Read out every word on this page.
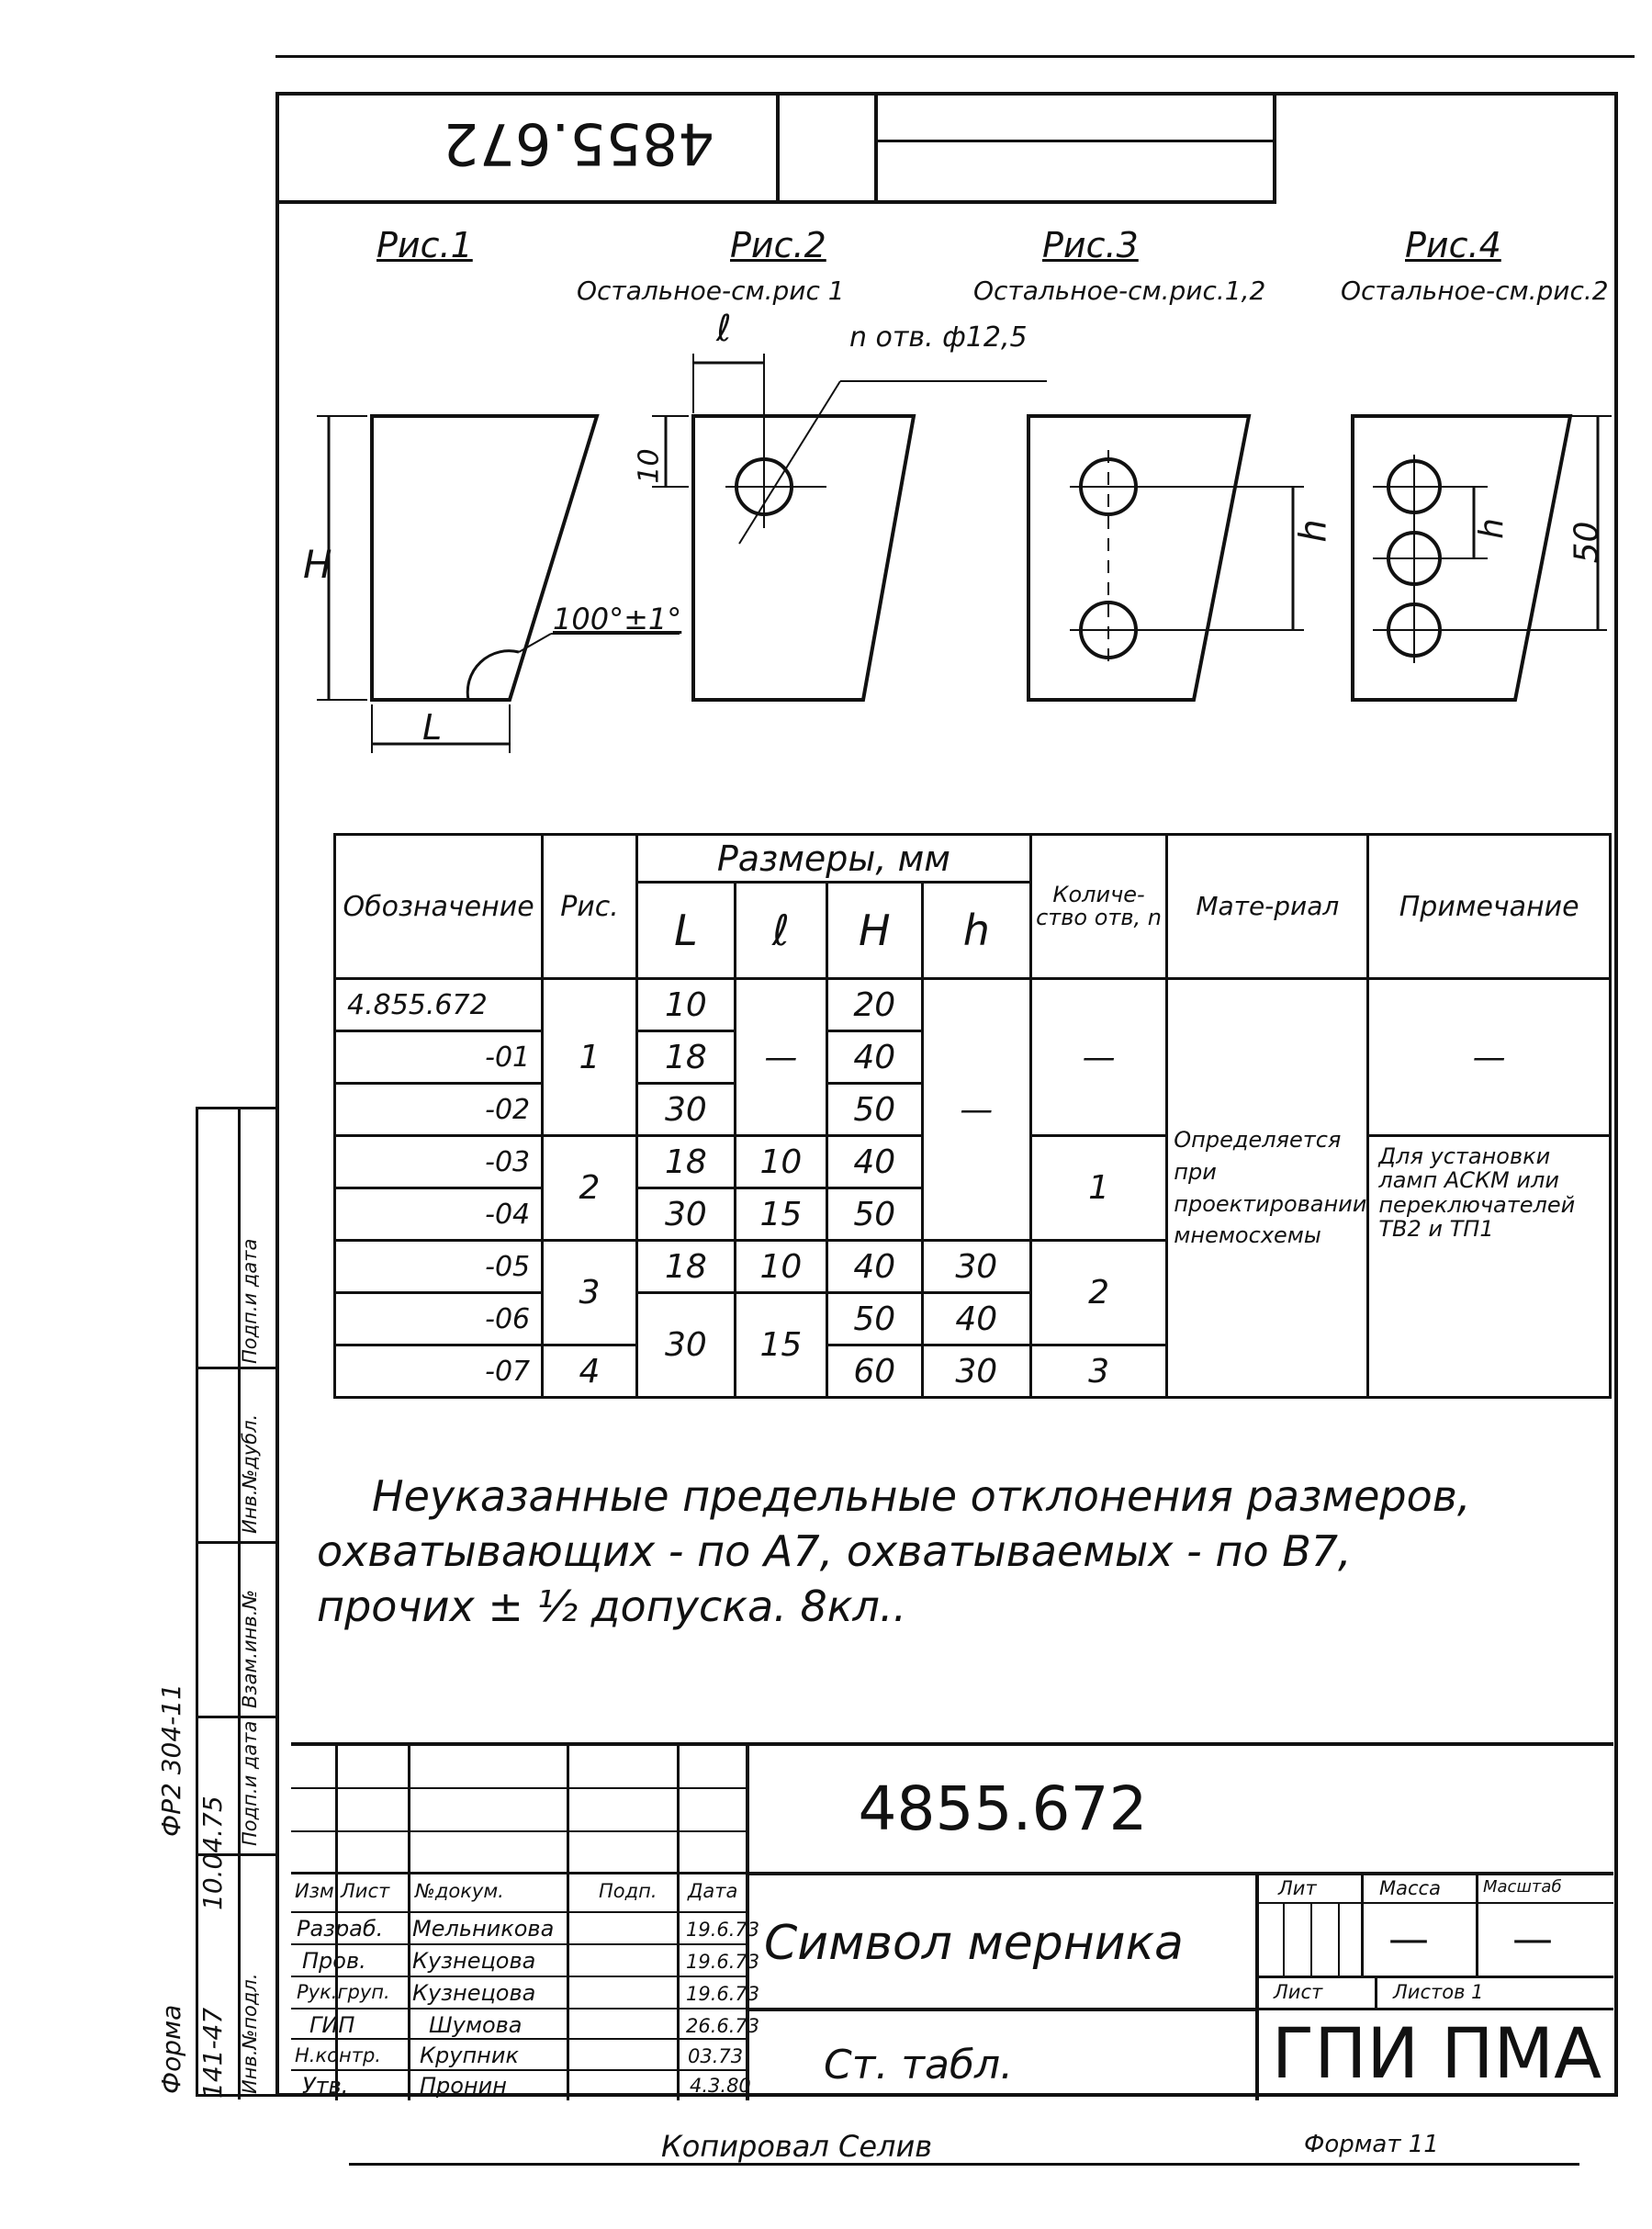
4855.672
Рис.1	Рис.2	Рис.3	Рис.4
Остальное-см.рис 1	Остальное-см.рис.1,2	Остальное-см.рис.2
H
L
100°±1°
ℓ	n отв. ф12,5
10
h	h 50
Обозначение	Рис.	Размеры, мм				Количе-ство отв, n	Мате-риал	Примечание
		L	ℓ	H	h			
4.855.672	1	10	—	20	—	—	Определяется при проектировании мнемосхемы	—
-01		18		40				
-02		30		50				
-03	2	18	10	40		1		Для установки ламп АСКМ или переключателей ТВ2 и ТП1
-04		30	15	50				
-05	3	18	10	40	30	2		
-06		30	15	50	40			
-07	4			60	30	3		
Неуказанные предельные отклонения размеров,
охватывающих - по А7, охватываемых - по В7,
прочих ± ½ допуска. 8кл..
Подп.и дата
Инв.№дубл.
Взам.инв.№
Подп.и дата
Инв.№подл.
10.04.75
141-47
ФР2 304-11
Форма
Изм Лист №докум.	Подп. Дата
Разраб. Мельникова	19.6.73
Пров. Кузнецова	19.6.73
Рук.груп. Кузнецова	19.6.73
ГИП	Шумова	26.6.73
Н.контр. Крупник	03.73
Утв.	Пронин	4.3.80
4855.672
Символ мерника
Ст. табл.
Лит	Масса	Масштаб
— —
Лист	Листов 1
ГПИ ПМА
Копировал Селив	Формат 11
